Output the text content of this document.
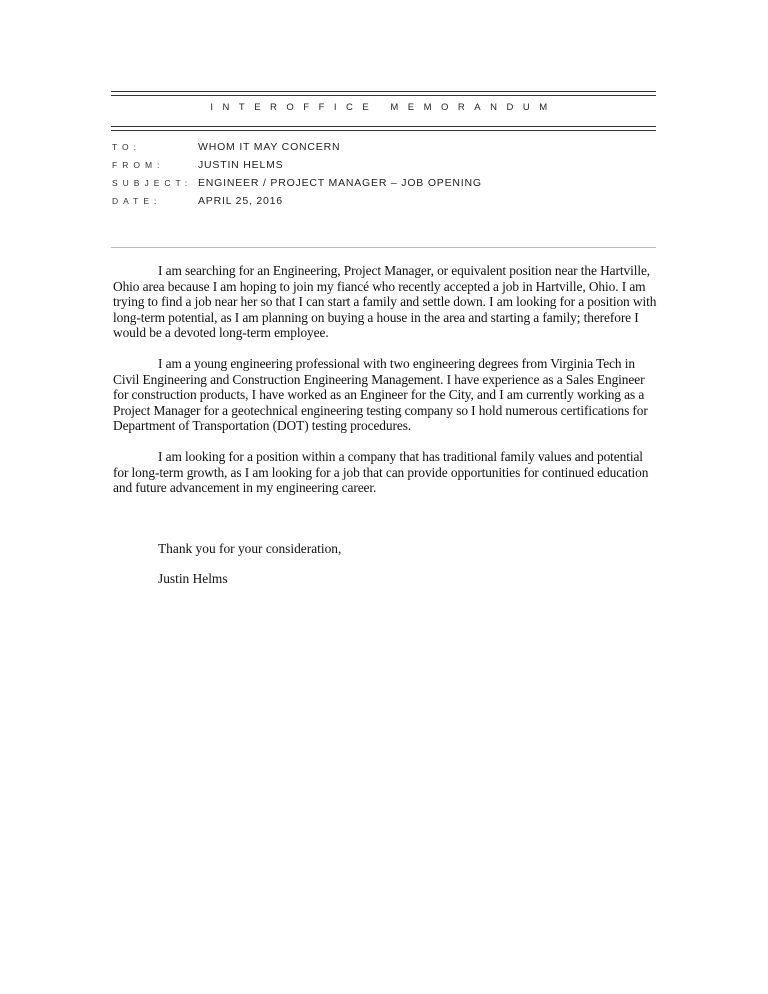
INTEROFFICE MEMORANDUM
TO:	WHOM IT MAY CONCERN
FROM:	JUSTIN HELMS
SUBJECT: ENGINEER / PROJECT MANAGER – JOB OPENING
DATE:	APRIL 25, 2016

I am searching for an Engineering, Project Manager, or equivalent position near the Hartville, Ohio area because I am hoping to join my fiancé who recently accepted a job in Hartville, Ohio. I am trying to find a job near her so that I can start a family and settle down. I am looking for a position with long-term potential, as I am planning on buying a house in the area and starting a family; therefore I would be a devoted long-term employee.

I am a young engineering professional with two engineering degrees from Virginia Tech in Civil Engineering and Construction Engineering Management. I have experience as a Sales Engineer for construction products, I have worked as an Engineer for the City, and I am currently working as a Project Manager for a geotechnical engineering testing company so I hold numerous certifications for Department of Transportation (DOT) testing procedures.

I am looking for a position within a company that has traditional family values and potential for long-term growth, as I am looking for a job that can provide opportunities for continued education and future advancement in my engineering career.

Thank you for your consideration,
Justin Helms
